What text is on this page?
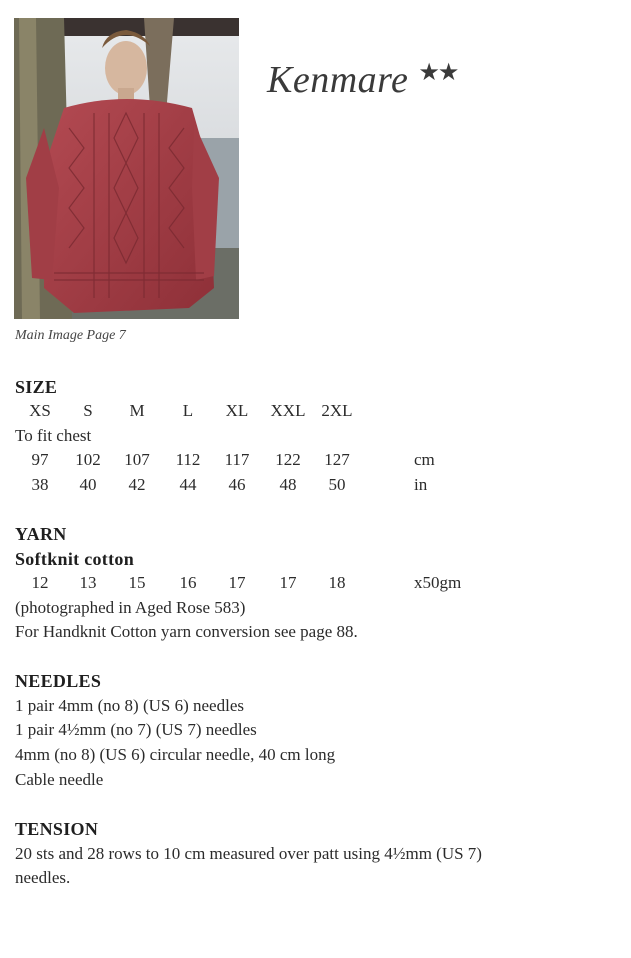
Main Image Page 7
Kenmare ★★
SIZE
XS	S	M	L	XL	XXL 2XL
To fit chest
97	102	107	112	117	122	127	cm
38	40	42	44	46	48	50	in
YARN
Softknit cotton
12	13	15	16	17	17	18	x50gm
(photographed in Aged Rose 583)
For Handknit Cotton yarn conversion see page 88.
NEEDLES
1 pair 4mm (no 8) (US 6) needles
1 pair 4½mm (no 7) (US 7) needles
4mm (no 8) (US 6) circular needle, 40 cm long
Cable needle
TENSION
20 sts and 28 rows to 10 cm measured over patt using 4½mm (US 7)
needles.
